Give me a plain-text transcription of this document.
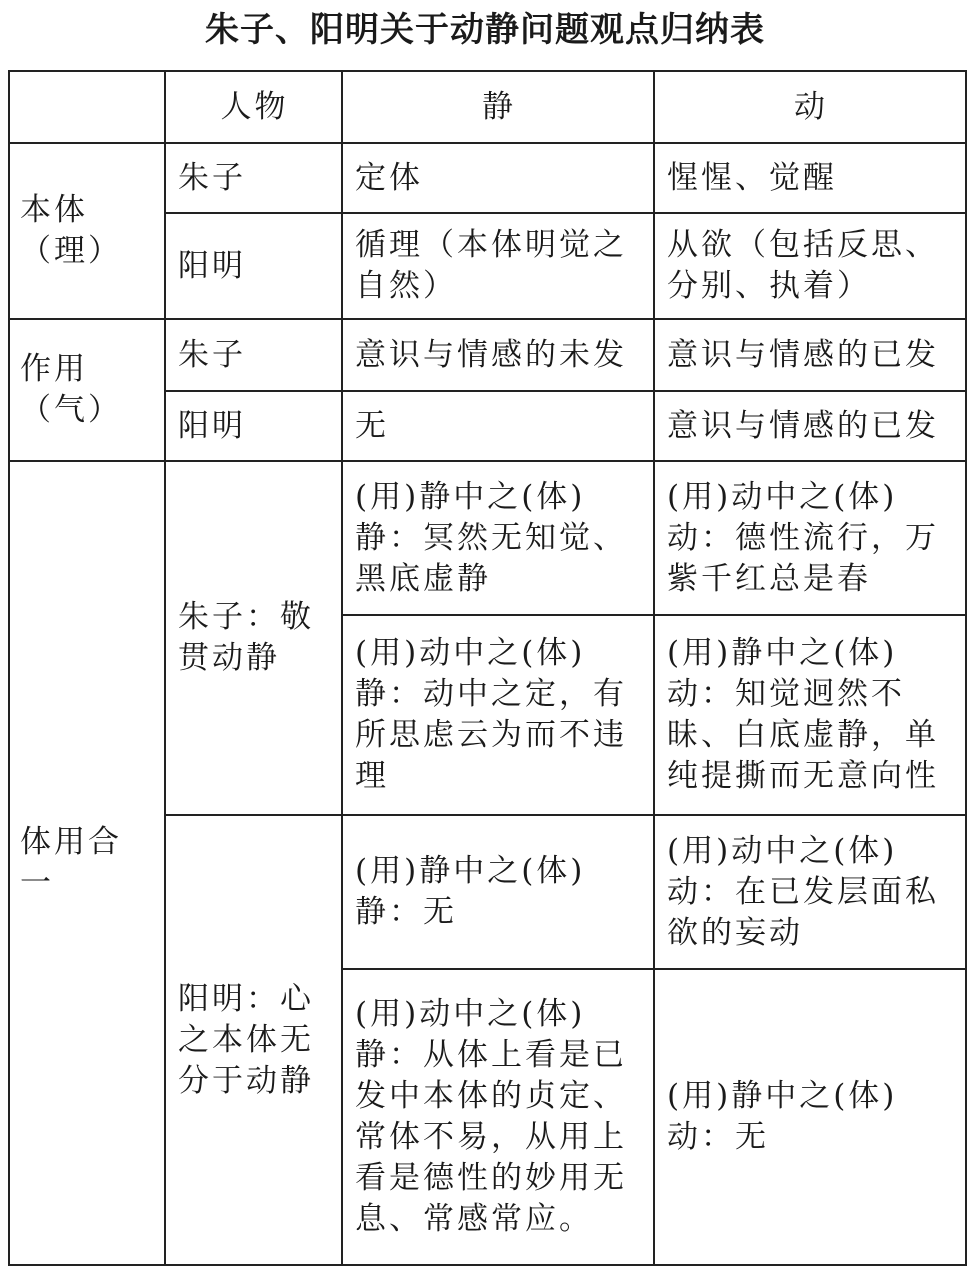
朱子、阳明关于动静问题观点归纳表
	人物	静	动
本体（理）	朱子	定体	惺惺、觉醒
	阳明	循理（本体明觉之自然）	从欲（包括反思、分别、执着）
作用（气）	朱子	意识与情感的未发	意识与情感的已发
	阳明	无	意识与情感的已发
体用合一	朱子：敬贯动静	(用)静中之(体)静：冥然无知觉、黑底虚静	(用)动中之(体)动：德性流行，万紫千红总是春
		(用)动中之(体)静：动中之定，有所思虑云为而不违理	(用)静中之(体)动：知觉迥然不昧、白底虚静，单纯提撕而无意向性
	阳明：心之本体无分于动静	(用)静中之(体)静：无	(用)动中之(体)动：在已发层面私欲的妄动
		(用)动中之(体)静：从体上看是已发中本体的贞定、常体不易，从用上看是德性的妙用无息、常感常应。	(用)静中之(体)动：无
